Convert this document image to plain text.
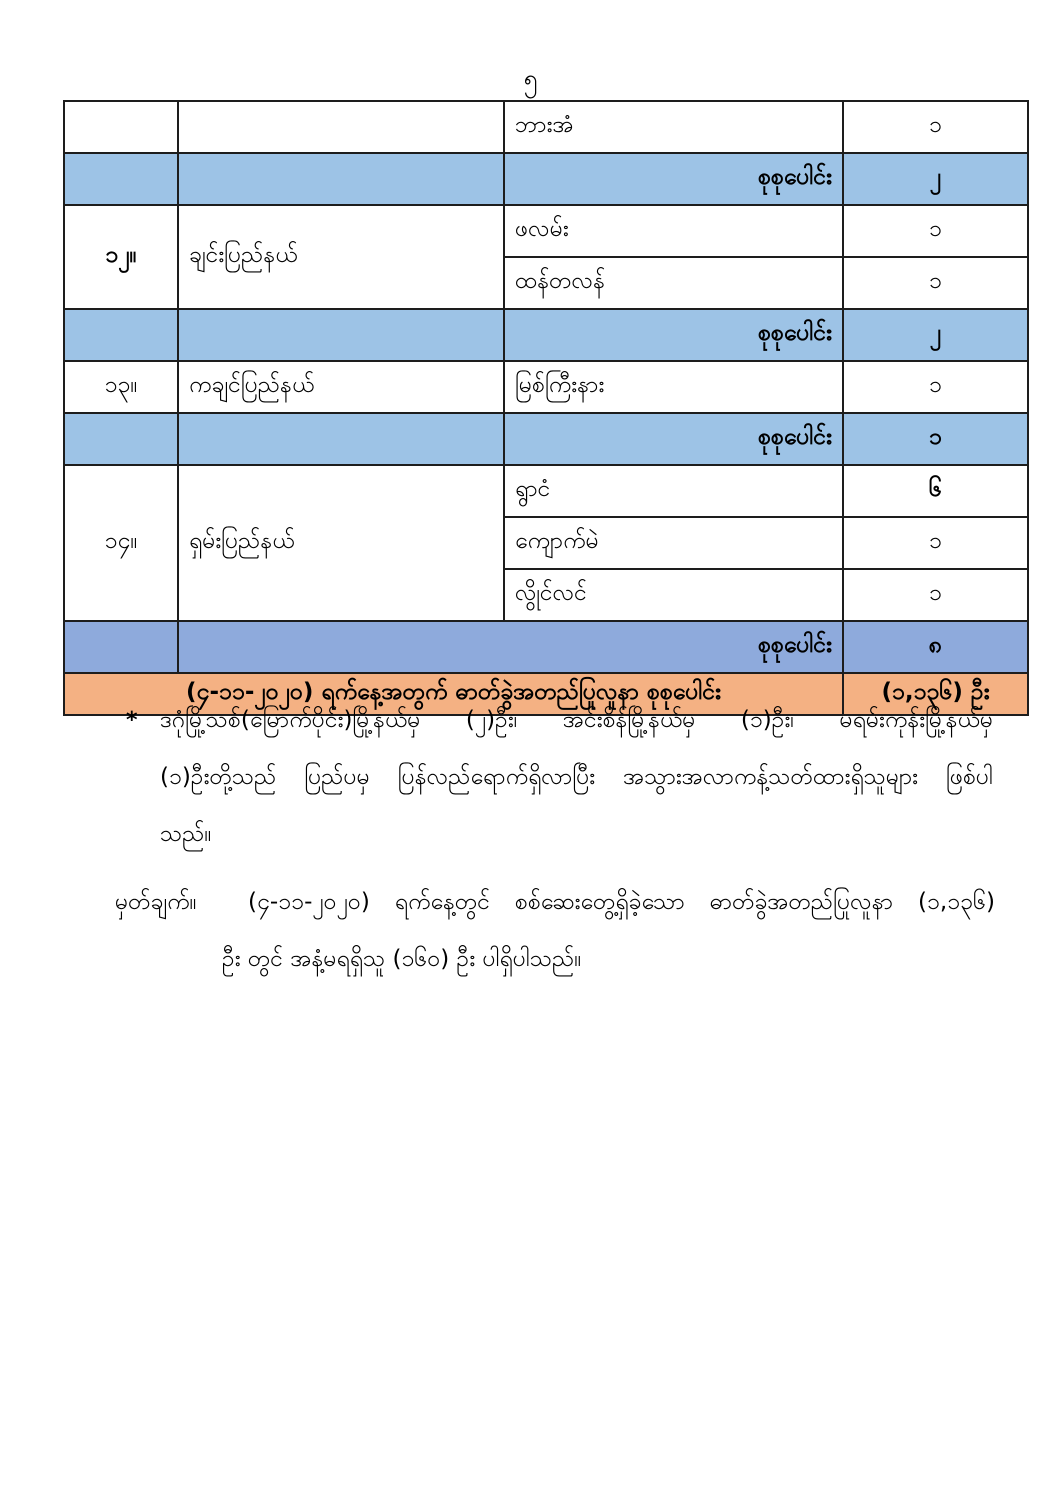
၅
		ဘားအံ	၁
		စုစုပေါင်း	၂
၁၂။	ချင်းပြည်နယ်	ဖလမ်း	၁
		ထန်တလန်	၁
		စုစုပေါင်း	၂
၁၃။	ကချင်ပြည်နယ်	မြစ်ကြီးနား	၁
		စုစုပေါင်း	၁
၁၄။	ရှမ်းပြည်နယ်	ရွာငံ	၆
		ကျောက်မဲ	၁
		လွိုင်လင်	၁
	စုစုပေါင်း		၈
(၄-၁၁-၂၀၂၀) ရက်နေ့အတွက် ဓာတ်ခွဲအတည်ပြုလူနာ စုစုပေါင်း			(၁,၁၃၆) ဦး
* ဒဂုံမြို့သစ်(မြောက်ပိုင်း)မြို့နယ်မှ (၂)ဦး၊ အင်းစိန်မြို့နယ်မှ (၁)ဦး၊ မရမ်းကုန်းမြို့နယ်မှ
(၁)ဦးတို့သည် ပြည်ပမှ ပြန်လည်ရောက်ရှိလာပြီး အသွားအလာကန့်သတ်ထားရှိသူများ ဖြစ်ပါ
သည်။
မှတ်ချက်။ (၄-၁၁-၂၀၂၀) ရက်နေ့တွင် စစ်ဆေးတွေ့ရှိခဲ့သော ဓာတ်ခွဲအတည်ပြုလူနာ (၁,၁၃၆)
ဦး တွင် အနံ့မရရှိသူ (၁၆၀) ဦး ပါရှိပါသည်။
